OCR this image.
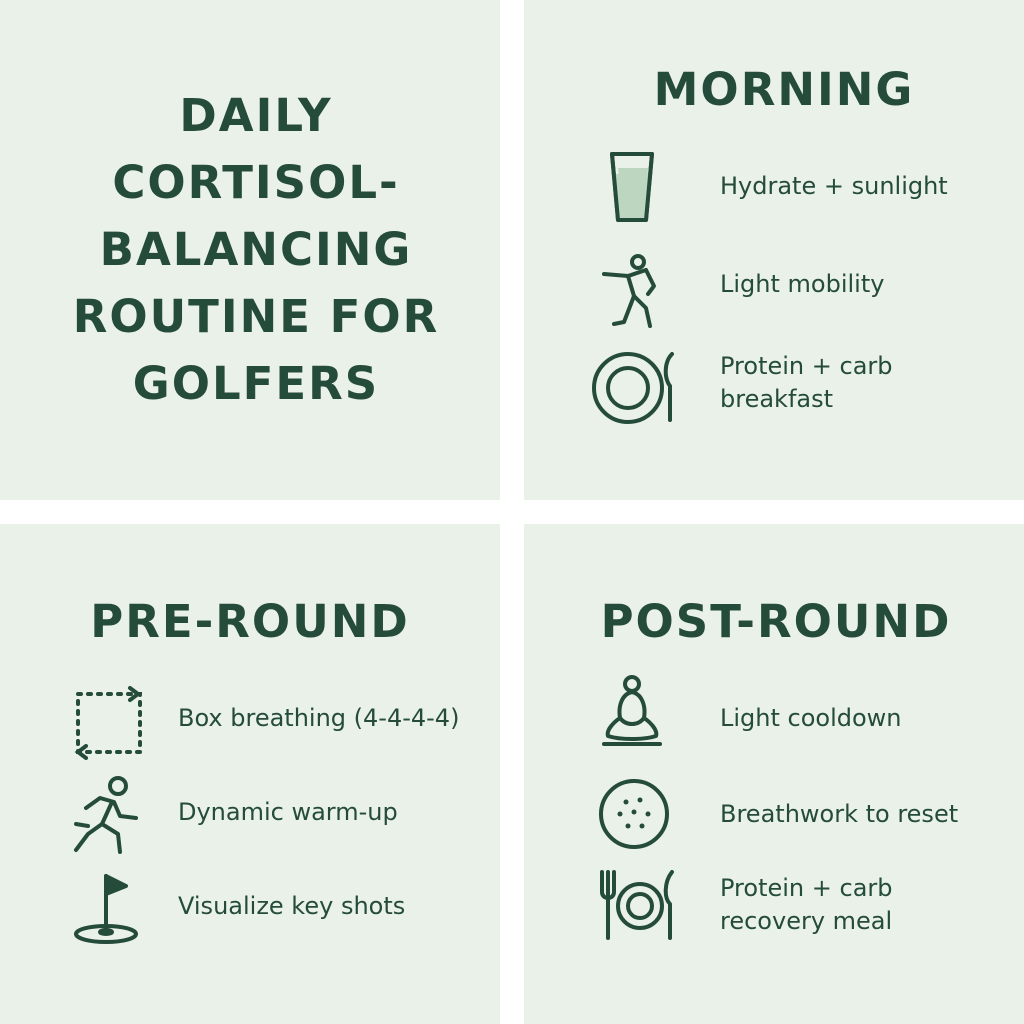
DAILY CORTISOL-BALANCING ROUTINE FOR GOLFERS
MORNING
Hydrate + sunlight
Light mobility
Protein + carb
breakfast
PRE-ROUND
Box breathing (4-4-4-4)
Dynamic warm-up
Visualize key shots
POST-ROUND
Light cooldown
Breathwork to reset
Protein + carb
recovery meal
